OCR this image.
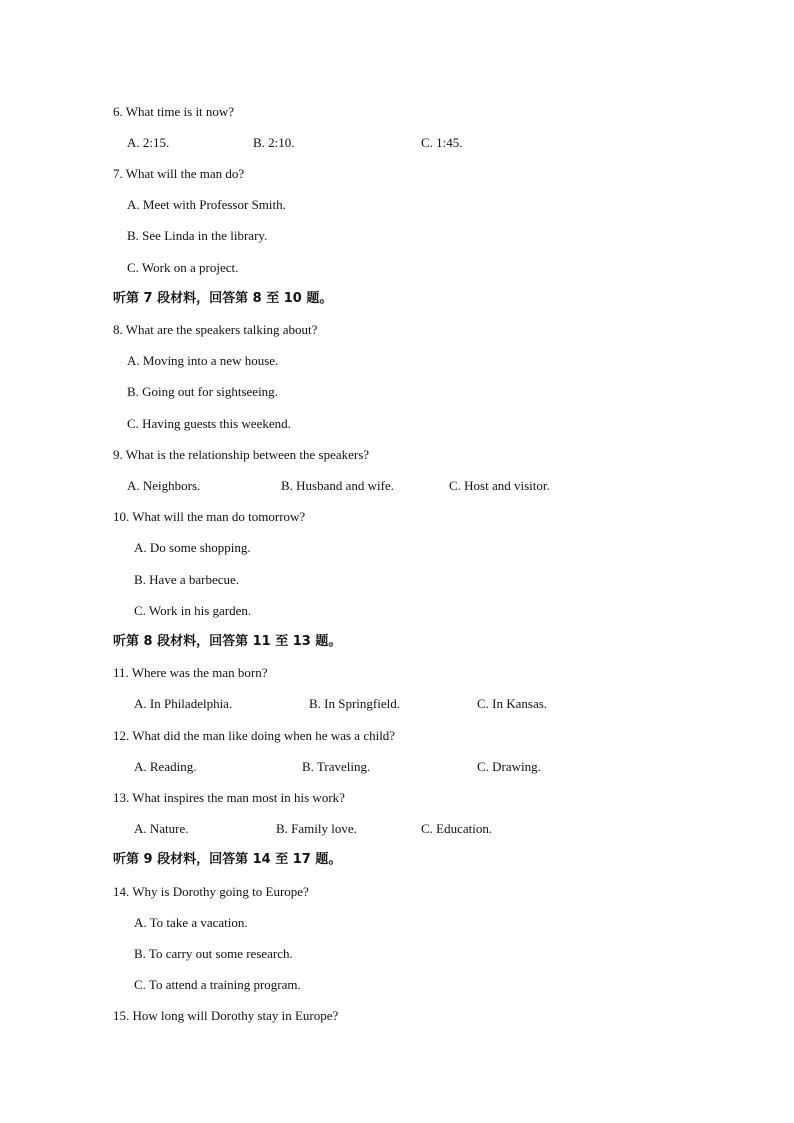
6. What time is it now?
A. 2:15.	B. 2:10.	C. 1:45.
7. What will the man do?
A. Meet with Professor Smith.
B. See Linda in the library.
C. Work on a project.
听第 7 段材料，回答第 8 至 10 题。
8. What are the speakers talking about?
A. Moving into a new house.
B. Going out for sightseeing.
C. Having guests this weekend.
9. What is the relationship between the speakers?
A. Neighbors.	B. Husband and wife.	C. Host and visitor.
10. What will the man do tomorrow?
A. Do some shopping.
B. Have a barbecue.
C. Work in his garden.
听第 8 段材料，回答第 11 至 13 题。
11. Where was the man born?
A. In Philadelphia.	B. In Springfield.	C. In Kansas.
12. What did the man like doing when he was a child?
A. Reading.	B. Traveling.	C. Drawing.
13. What inspires the man most in his work?
A. Nature.	B. Family love.	C. Education.
听第 9 段材料，回答第 14 至 17 题。
14. Why is Dorothy going to Europe?
A. To take a vacation.
B. To carry out some research.
C. To attend a training program.
15. How long will Dorothy stay in Europe?
